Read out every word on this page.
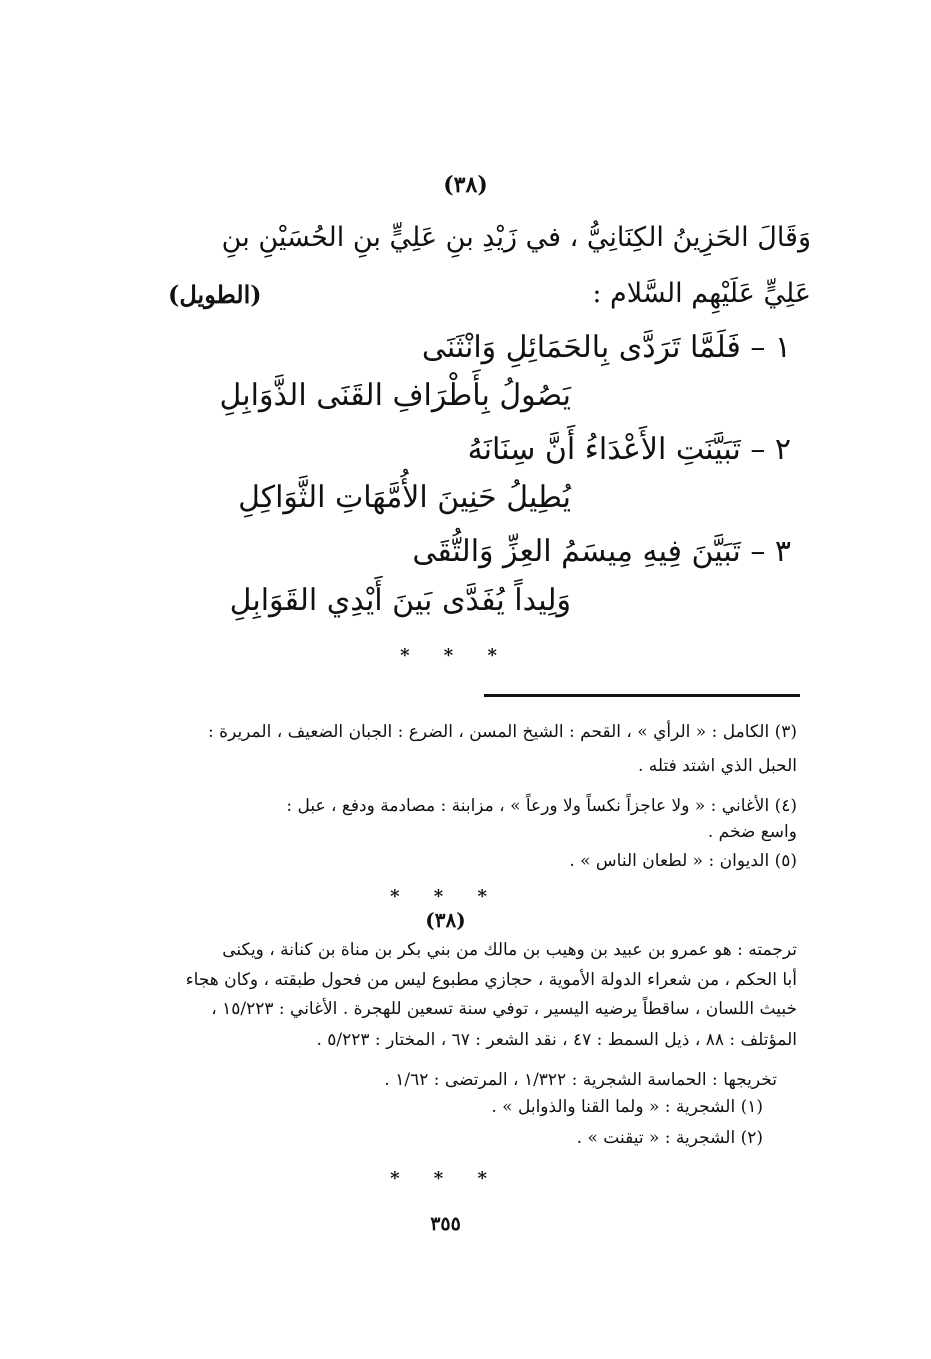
(٣٨)
وَقَالَ الحَزِينُ الكِنَانِيُّ ، في زَيْدِ بنِ عَلِيٍّ بنِ الحُسَيْنِ بنِ
عَلِيٍّ عَلَيْهِم السَّلام :
(الطويل)
١ – فَلَمَّا تَرَدَّى بِالحَمَائِلِ وَانْثَنَى
يَصُولُ بِأَطْرَافِ القَنَى الذَّوَابِلِ
٢ – تَبَيَّنَتِ الأَعْدَاءُ أَنَّ سِنَانَهُ
يُطِيلُ حَنِينَ الأُمَّهَاتِ الثَّوَاكِلِ
٣ – تَبَيَّنَ فِيهِ مِيسَمُ العِزِّ وَالتُّقَى
وَلِيداً يُفَدَّى بَينَ أَيْدِي القَوَابِلِ
* * *
(٣) الكامل : « الرأي » ، القحم : الشيخ المسن ، الضرع : الجبان الضعيف ، المريرة :
الحبل الذي اشتد فتله .
(٤) الأغاني : « ولا عاجزاً نكساً ولا ورعاً » ، مزابنة : مصادمة ودفع ، عبل :
واسع ضخم .
(٥) الديوان : « لطعان الناس » .
* * *
(٣٨)
ترجمته : هو عمرو بن عبيد بن وهيب بن مالك من بني بكر بن مناة بن كنانة ، ويكنى
أبا الحكم ، من شعراء الدولة الأموية ، حجازي مطبوع ليس من فحول طبقته ، وكان هجاء
خبيث اللسان ، ساقطاً يرضيه اليسير ، توفي سنة تسعين للهجرة . الأغاني : ١٥/٢٢٣ ،
المؤتلف : ٨٨ ، ذيل السمط : ٤٧ ، نقد الشعر : ٦٧ ، المختار : ٥/٢٢٣ .
تخريجها : الحماسة الشجرية : ١/٣٢٢ ، المرتضى : ١/٦٢ .
(١) الشجرية : « ولما القنا والذوابل » .
(٢) الشجرية : « تيقنت » .
* * *
٣٥٥
